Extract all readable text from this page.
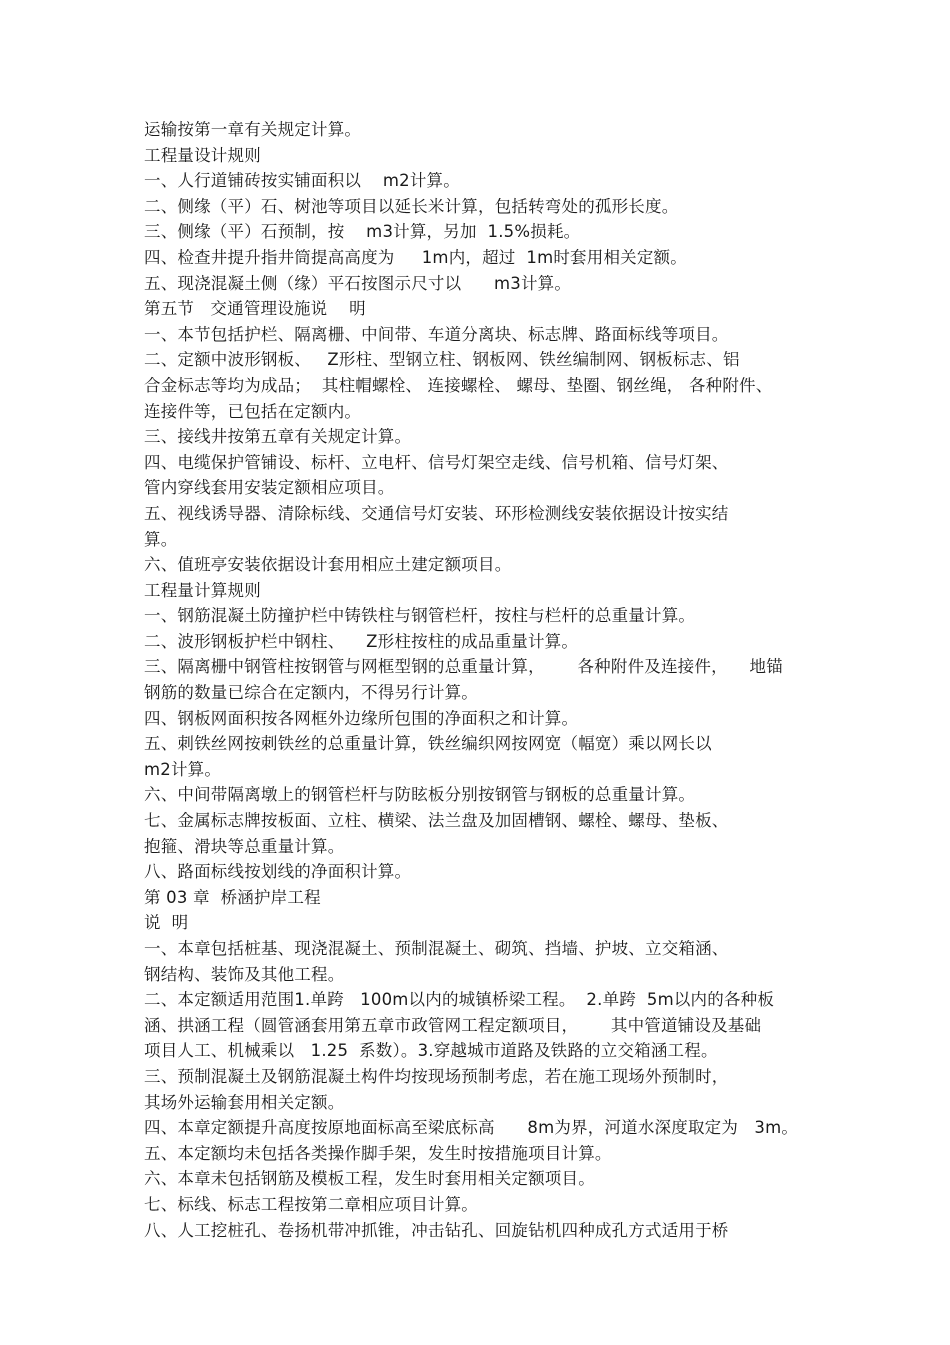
运输按第一章有关规定计算。
工程量设计规则
一、人行道铺砖按实铺面积以    m2计算。
二、侧缘（平）石、树池等项目以延长米计算，包括转弯处的孤形长度。
三、侧缘（平）石预制，按    m3计算，另加  1.5%损耗。
四、检查井提升指井筒提高高度为     1m内，超过  1m时套用相关定额。
五、现浇混凝土侧（缘）平石按图示尺寸以      m3计算。
第五节   交通管理设施说    明
一、本节包括护栏、隔离栅、中间带、车道分离块、标志牌、路面标线等项目。
二、定额中波形钢板、   Z形柱、型钢立柱、钢板网、铁丝编制网、钢板标志、铝
合金标志等均为成品；  其柱帽螺栓、 连接螺栓、 螺母、垫圈、钢丝绳， 各种附件、
连接件等，已包括在定额内。
三、接线井按第五章有关规定计算。
四、电缆保护管铺设、标杆、立电杆、信号灯架空走线、信号机箱、信号灯架、
管内穿线套用安装定额相应项目。
五、视线诱导器、清除标线、交通信号灯安装、环形检测线安装依据设计按实结
算。
六、值班亭安装依据设计套用相应土建定额项目。
工程量计算规则
一、钢筋混凝土防撞护栏中铸铁柱与钢管栏杆，按柱与栏杆的总重量计算。
二、波形钢板护栏中钢柱、    Z形柱按柱的成品重量计算。
三、隔离栅中钢管柱按钢管与网框型钢的总重量计算，      各种附件及连接件，    地锚
钢筋的数量已综合在定额内，不得另行计算。
四、钢板网面积按各网框外边缘所包围的净面积之和计算。
五、刺铁丝网按刺铁丝的总重量计算，铁丝编织网按网宽（幅宽）乘以网长以
m2计算。
六、中间带隔离墩上的钢管栏杆与防眩板分别按钢管与钢板的总重量计算。
七、金属标志牌按板面、立柱、横梁、法兰盘及加固槽钢、螺栓、螺母、垫板、
抱箍、滑块等总重量计算。
八、路面标线按划线的净面积计算。
第 03 章  桥涵护岸工程
说  明
一、本章包括桩基、现浇混凝土、预制混凝土、砌筑、挡墙、护坡、立交箱涵、
钢结构、装饰及其他工程。
二、本定额适用范围1.单跨   100m以内的城镇桥梁工程。  2.单跨  5m以内的各种板
涵、拱涵工程（圆管涵套用第五章市政管网工程定额项目，      其中管道铺设及基础
项目人工、机械乘以   1.25  系数）。3.穿越城市道路及铁路的立交箱涵工程。
三、预制混凝土及钢筋混凝土构件均按现场预制考虑，若在施工现场外预制时，
其场外运输套用相关定额。
四、本章定额提升高度按原地面标高至梁底标高      8m为界，河道水深度取定为   3m。
五、本定额均未包括各类操作脚手架，发生时按措施项目计算。
六、本章未包括钢筋及模板工程，发生时套用相关定额项目。
七、标线、标志工程按第二章相应项目计算。
八、人工挖桩孔、卷扬机带冲抓锥，冲击钻孔、回旋钻机四种成孔方式适用于桥
